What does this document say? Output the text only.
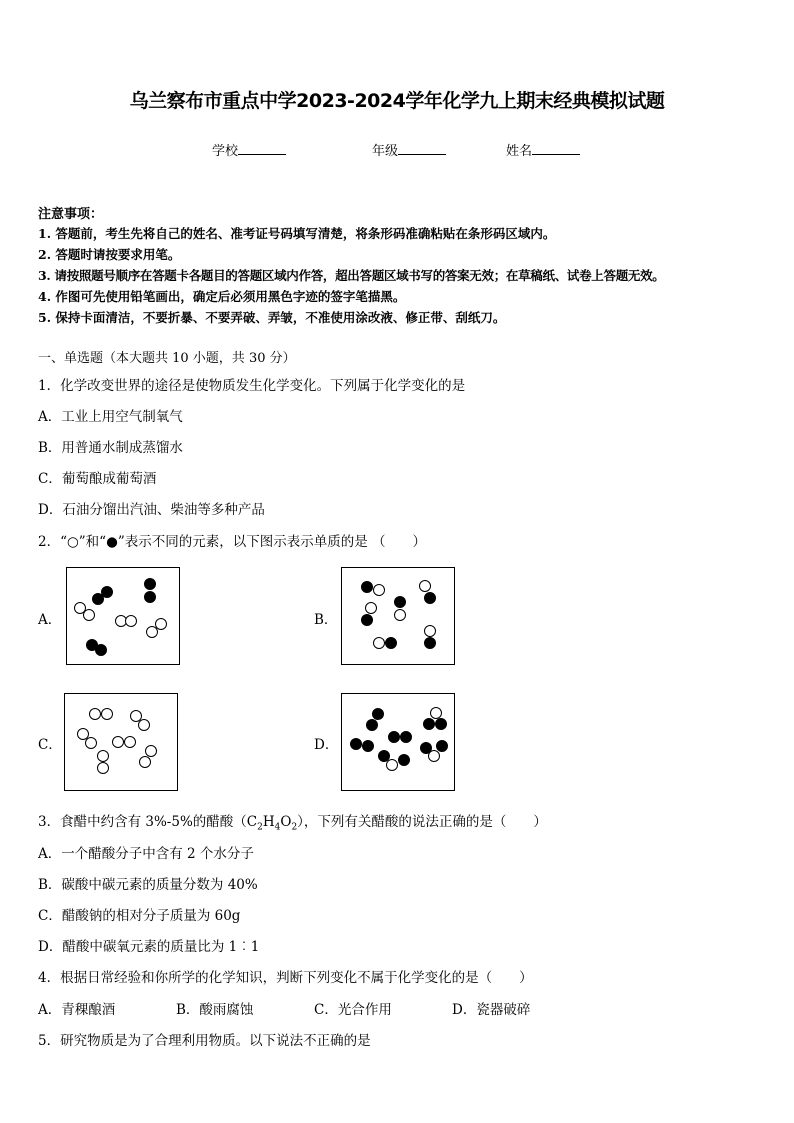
乌兰察布市重点中学2023-2024学年化学九上期末经典模拟试题
学校	年级	姓名
注意事项：
1. 答题前，考生先将自己的姓名、准考证号码填写清楚，将条形码准确粘贴在条形码区域内。
2. 答题时请按要求用笔。
3. 请按照题号顺序在答题卡各题目的答题区域内作答，超出答题区域书写的答案无效；在草稿纸、试卷上答题无效。
4. 作图可先使用铅笔画出，确定后必须用黑色字迹的签字笔描黑。
5. 保持卡面清洁，不要折暴、不要弄破、弄皱，不准使用涂改液、修正带、刮纸刀。
一、单选题（本大题共 10 小题，共 30 分）
1．化学改变世界的途径是使物质发生化学变化。下列属于化学变化的是
A．工业上用空气制氧气
B．用普通水制成蒸馏水
C．葡萄酿成葡萄酒
D．石油分馏出汽油、柴油等多种产品
2．“○”和“●”表示不同的元素，以下图示表示单质的是 （　　）
A．	B．
C．	D．
3．食醋中约含有 3%-5%的醋酸$(C_2H_4O_2)$，下列有关醋酸的说法正确的是（　　）
A．一个醋酸分子中含有 2 个水分子
B．碳酸中碳元素的质量分数为 40%
C．醋酸钠的相对分子质量为 60g
D．醋酸中碳氧元素的质量比为 1︰1
4．根据日常经验和你所学的化学知识，判断下列变化不属于化学变化的是（　　）
A．青稞酿酒	B．酸雨腐蚀	C．光合作用	D．瓷器破碎
5．研究物质是为了合理利用物质。以下说法不正确的是
